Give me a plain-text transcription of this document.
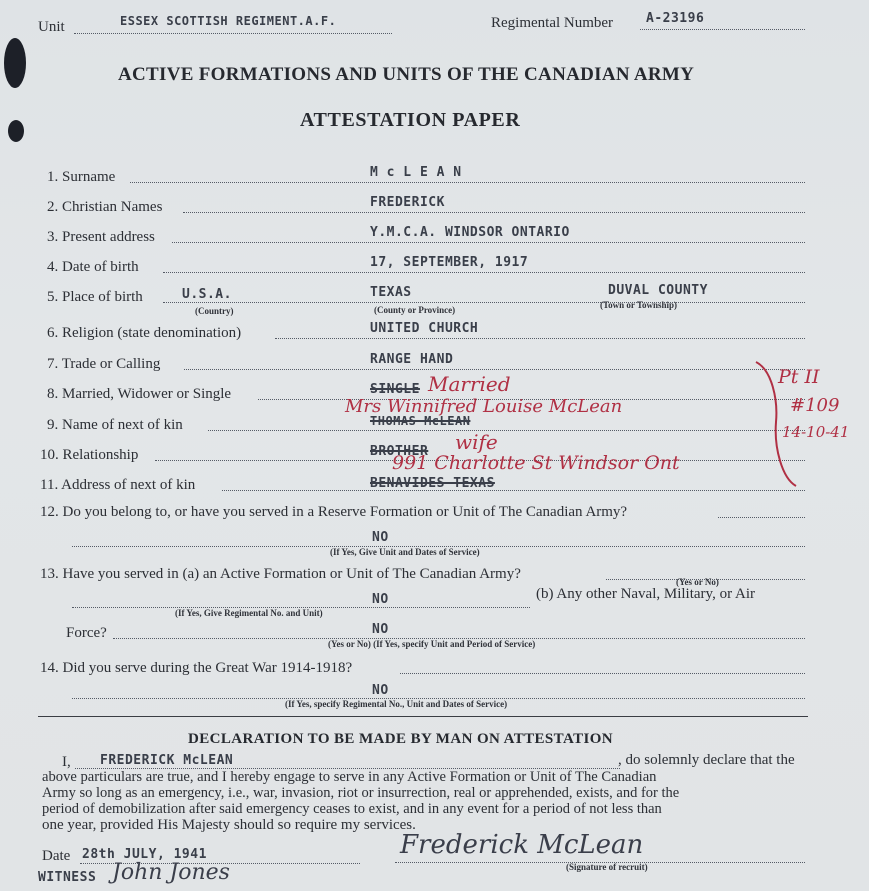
Unit	ESSEX SCOTTISH REGIMENT.A.F.	Regimental Number	A-23196
ACTIVE FORMATIONS AND UNITS OF THE CANADIAN ARMY
ATTESTATION PAPER
1. Surname	M c L E A N
2. Christian Names	FREDERICK
3. Present address	Y.M.C.A. WINDSOR ONTARIO
4. Date of birth	17, SEPTEMBER, 1917
5. Place of birth	U.S.A.	TEXAS	DUVAL COUNTY
(Country)	(County or Province)	(Town or Township)
6. Religion (state denomination)	UNITED CHURCH
7. Trade or Calling	RANGE HAND
8. Married, Widower or Single	SINGLE Married
9. Name of next of kin	THOMAS McLEAN
Mrs Winnifred Louise McLean
10. Relationship	BROTHER wife
11. Address of next of kin	BENAVIDES TEXAS
991 Charlotte St Windsor Ont
Pt II
#109
14-10-41
12. Do you belong to, or have you served in a Reserve Formation or Unit of The Canadian Army?
NO
(If Yes, Give Unit and Dates of Service)
13. Have you served in (a) an Active Formation or Unit of The Canadian Army?	(Yes or No)
NO	(b) Any other Naval, Military, or Air
(If Yes, Give Regimental No. and Unit)
Force?	NO
(Yes or No) (If Yes, specify Unit and Period of Service)
14. Did you serve during the Great War 1914-1918?
NO
(If Yes, specify Regimental No., Unit and Dates of Service)
DECLARATION TO BE MADE BY MAN ON ATTESTATION
I, FREDERICK McLEAN	, do solemnly declare that the
above particulars are true, and I hereby engage to serve in any Active Formation or Unit of The Canadian
Army so long as an emergency, i.e., war, invasion, riot or insurrection, real or apprehended, exists, and for the
period of demobilization after said emergency ceases to exist, and in any event for a period of not less than
one year, provided His Majesty should so require my services.
Date 28th JULY, 1941	Frederick McLean
(Signature of recruit)
WITNESS John Jones
